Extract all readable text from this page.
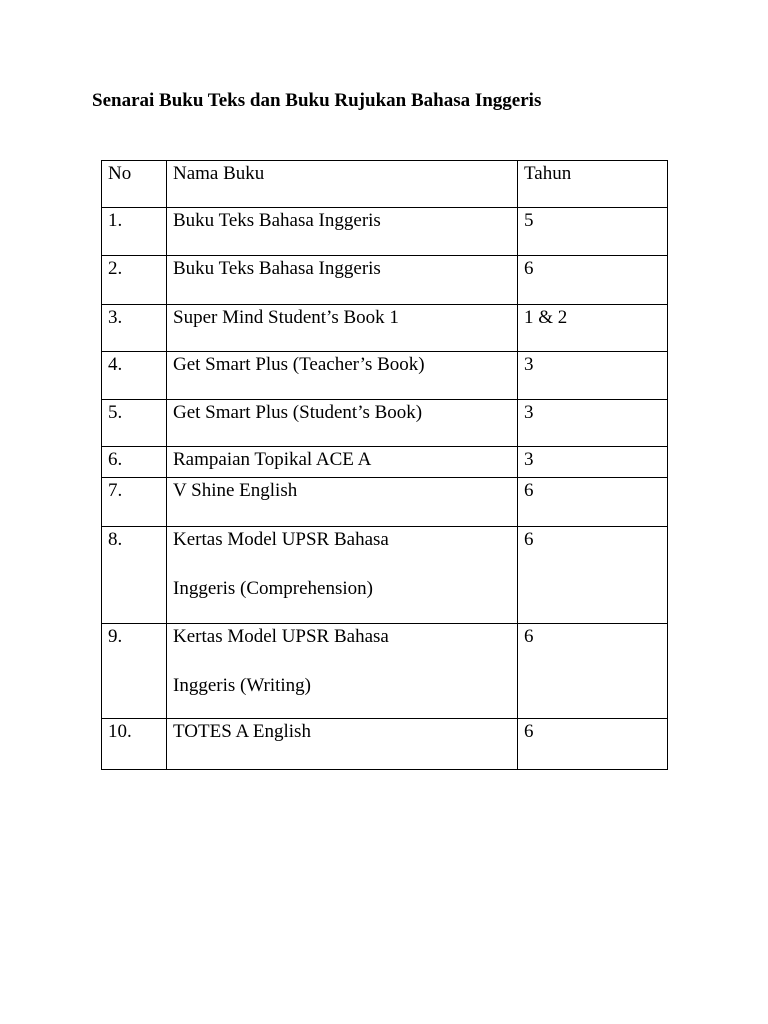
Senarai Buku Teks dan Buku Rujukan Bahasa Inggeris
No	Nama Buku	Tahun
1.	Buku Teks Bahasa Inggeris	5
2.	Buku Teks Bahasa Inggeris	6
3.	Super Mind Student’s Book 1	1 & 2
4.	Get Smart Plus (Teacher’s Book)	3
5.	Get Smart Plus (Student’s Book)	3
6.	Rampaian Topikal ACE A	3
7.	V Shine English	6
8.	Kertas Model UPSR Bahasa
Inggeris (Comprehension)	6
9.	Kertas Model UPSR Bahasa
Inggeris (Writing)	6
10.	TOTES A English	6
